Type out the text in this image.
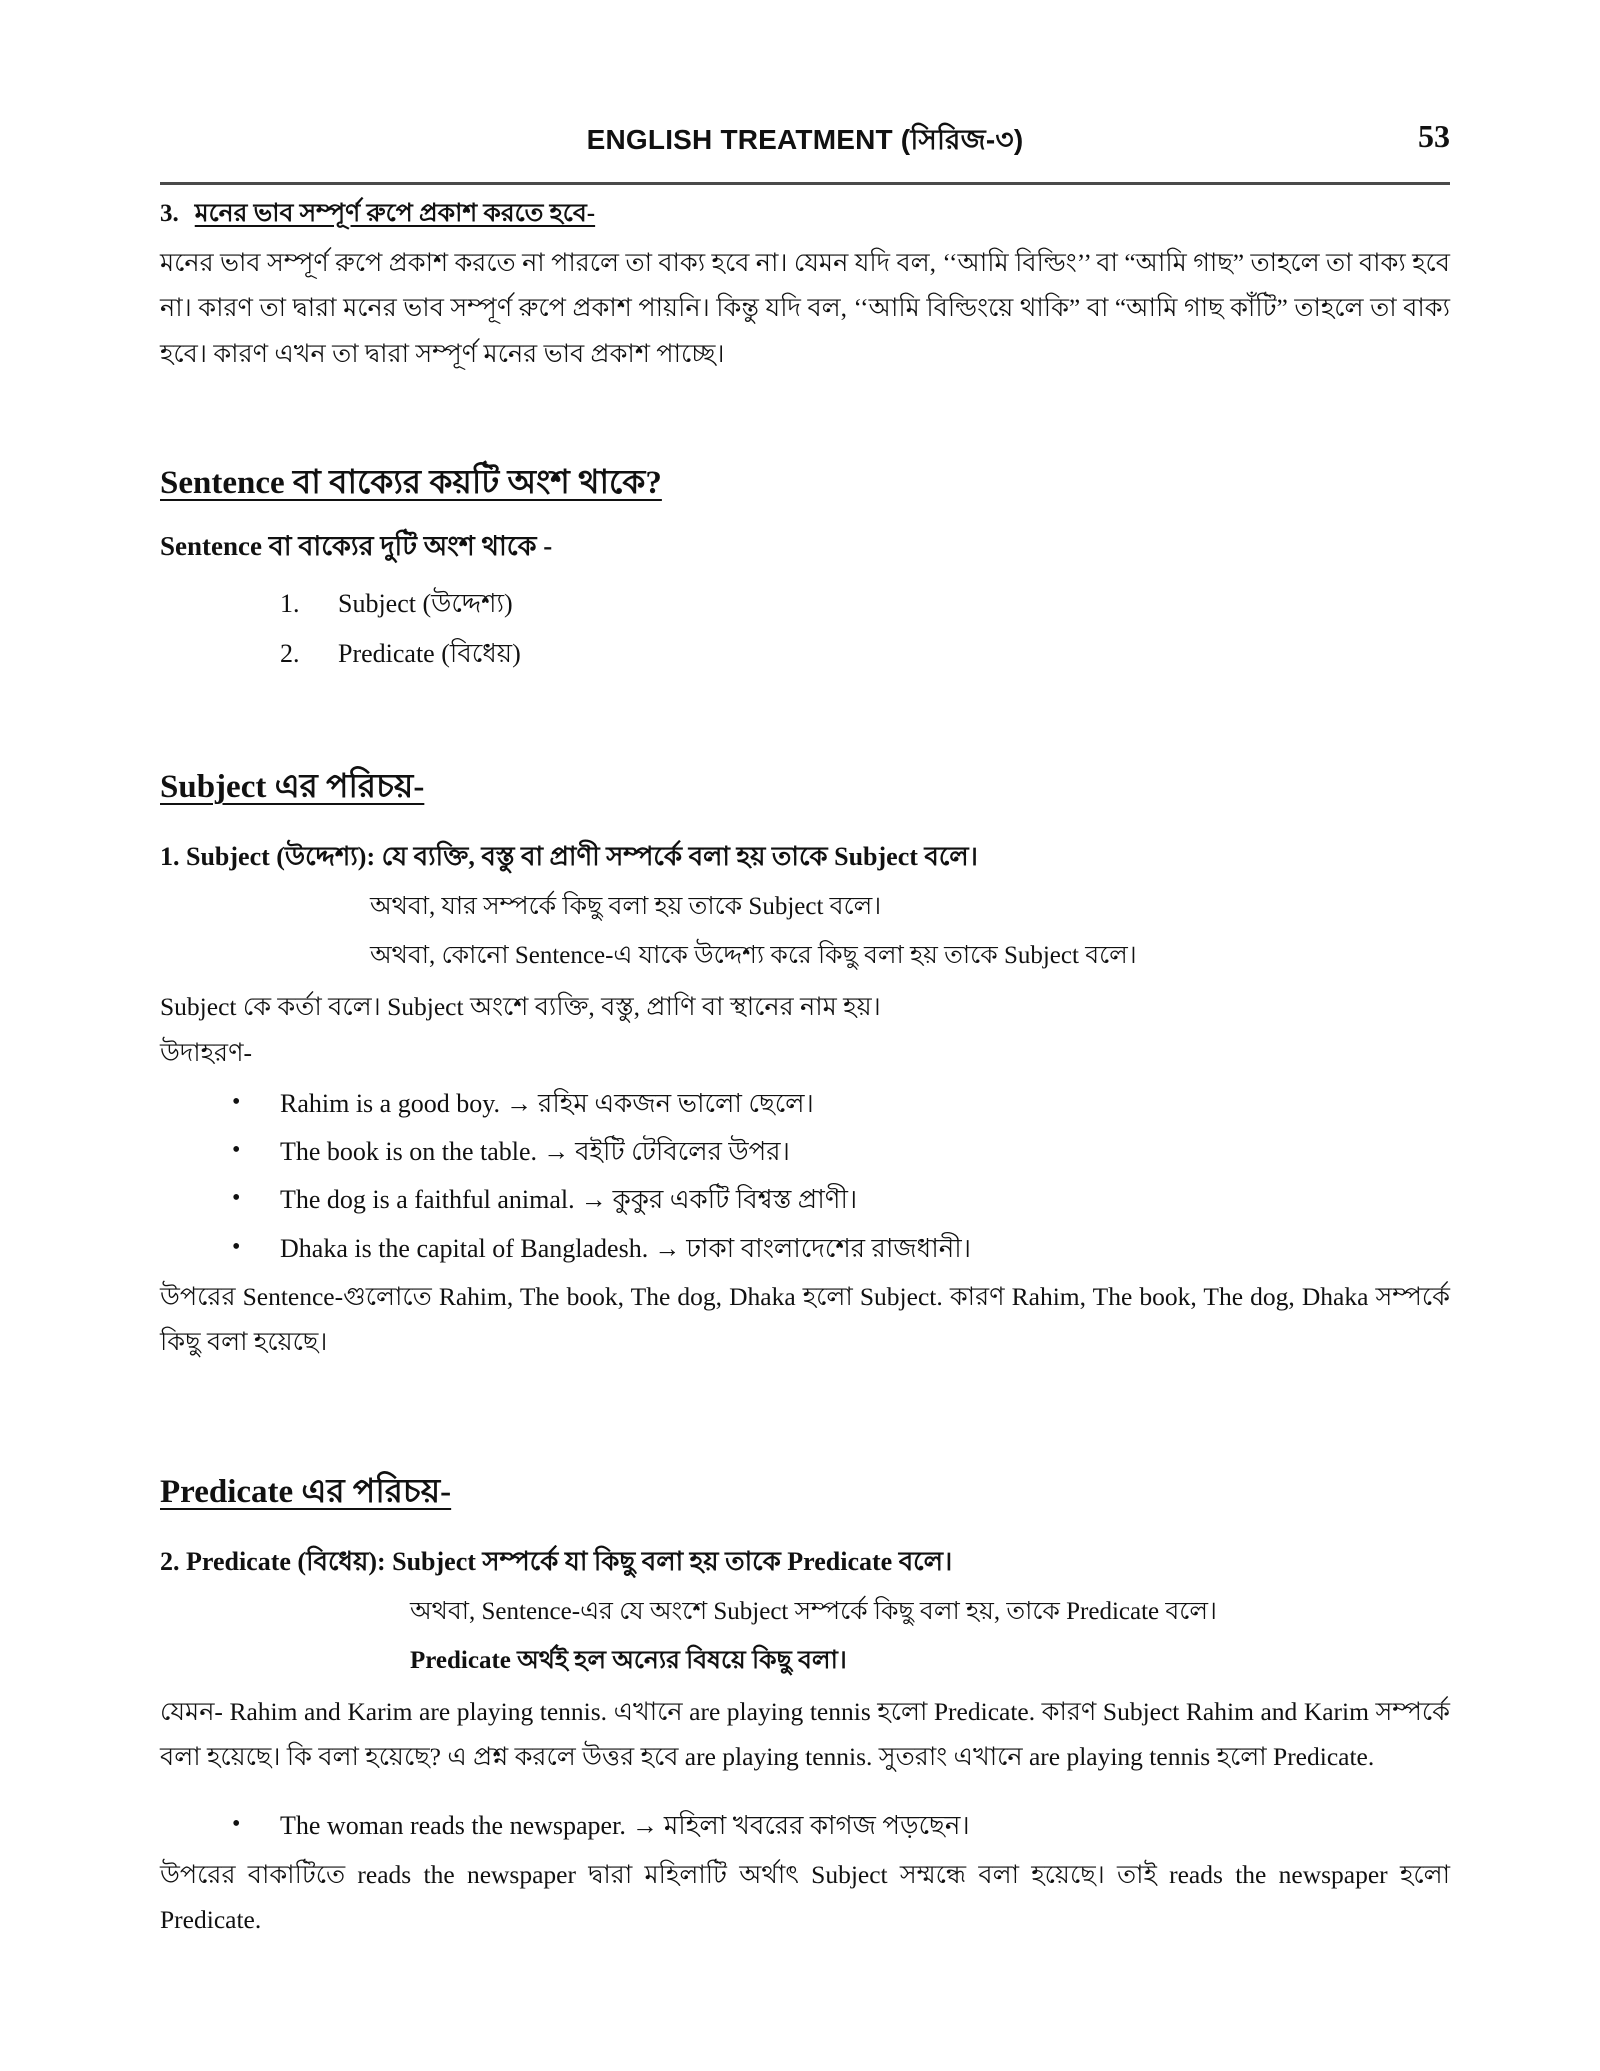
ENGLISH TREATMENT (সিরিজ-৩)	53
3. মনের ভাব সম্পূর্ণ রুপে প্রকাশ করতে হবে-

মনের ভাব সম্পূর্ণ রুপে প্রকাশ করতে না পারলে তা বাক্য হবে না। যেমন যদি বল, ‘‘আমি বিল্ডিং’’ বা “আমি গাছ” তাহলে তা বাক্য হবে না। কারণ তা দ্বারা মনের ভাব সম্পূর্ণ রুপে প্রকাশ পায়নি। কিন্তু যদি বল, ‘‘আমি বিল্ডিংয়ে থাকি” বা “আমি গাছ কাঁটি” তাহলে তা বাক্য হবে। কারণ এখন তা দ্বারা সম্পূর্ণ মনের ভাব প্রকাশ পাচ্ছে।

Sentence বা বাক্যের কয়টি অংশ থাকে?
Sentence বা বাক্যের দুটি অংশ থাকে -
1. Subject (উদ্দেশ্য)
2. Predicate (বিধেয়)
Subject এর পরিচয়-
1. Subject (উদ্দেশ্য): যে ব্যক্তি, বস্তু বা প্রাণী সম্পর্কে বলা হয় তাকে Subject বলে।
অথবা, যার সম্পর্কে কিছু বলা হয় তাকে Subject বলে।
অথবা, কোনো Sentence-এ যাকে উদ্দেশ্য করে কিছু বলা হয় তাকে Subject বলে।

Subject কে কর্তা বলে। Subject অংশে ব্যক্তি, বস্তু, প্রাণি বা স্থানের নাম হয়।

উদাহরণ-

• Rahim is a good boy. → রহিম একজন ভালো ছেলে।
• The book is on the table. → বইটি টেবিলের উপর।
• The dog is a faithful animal. → কুকুর একটি বিশ্বস্ত প্রাণী।
• Dhaka is the capital of Bangladesh. → ঢাকা বাংলাদেশের রাজধানী।

উপরের Sentence-গুলোতে Rahim, The book, The dog, Dhaka হলো Subject. কারণ Rahim, The book, The dog, Dhaka সম্পর্কে কিছু বলা হয়েছে।

Predicate এর পরিচয়-
2. Predicate (বিধেয়): Subject সম্পর্কে যা কিছু বলা হয় তাকে Predicate বলে।
অথবা, Sentence-এর যে অংশে Subject সম্পর্কে কিছু বলা হয়, তাকে Predicate বলে।
Predicate অর্থই হল অন্যের বিষয়ে কিছু বলা।

যেমন- Rahim and Karim are playing tennis. এখানে are playing tennis হলো Predicate. কারণ Subject Rahim and Karim সম্পর্কে বলা হয়েছে। কি বলা হয়েছে? এ প্রশ্ন করলে উত্তর হবে are playing tennis. সুতরাং এখানে are playing tennis হলো Predicate.

• The woman reads the newspaper. → মহিলা খবরের কাগজ পড়ছেন।

উপরের বাকাটিতে reads the newspaper দ্বারা মহিলাটি অর্থাৎ Subject সম্মন্ধে বলা হয়েছে। তাই reads the newspaper হলো Predicate.
